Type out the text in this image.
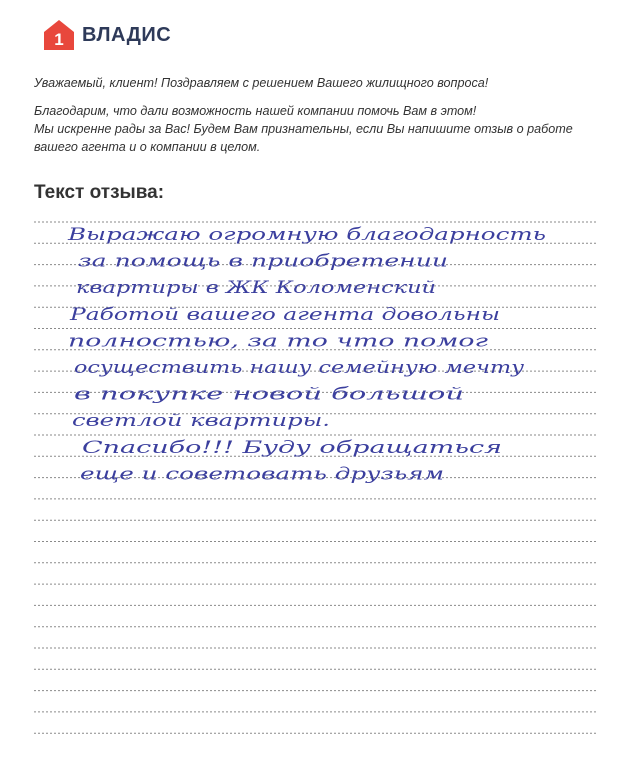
1 ВЛАДИС

Уважаемый, клиент! Поздравляем с решением Вашего жилищного вопроса!

Благодарим, что дали возможность нашей компании помочь Вам в этом!

Мы искренне рады за Вас! Будем Вам признательны, если Вы напишите отзыв о работе

вашего агента и о компании в целом.

Текст отзыва:
Выражаю огромную благодарность
за помощь в приобретении
квартиры в ЖК Коломенский
Работой вашего агента довольны
полностью, за то что помог
осуществить нашу семейную мечту
в покупке новой большой
светлой квартиры.
Спасибо!!! Буду обращаться
еще и советовать друзьям
